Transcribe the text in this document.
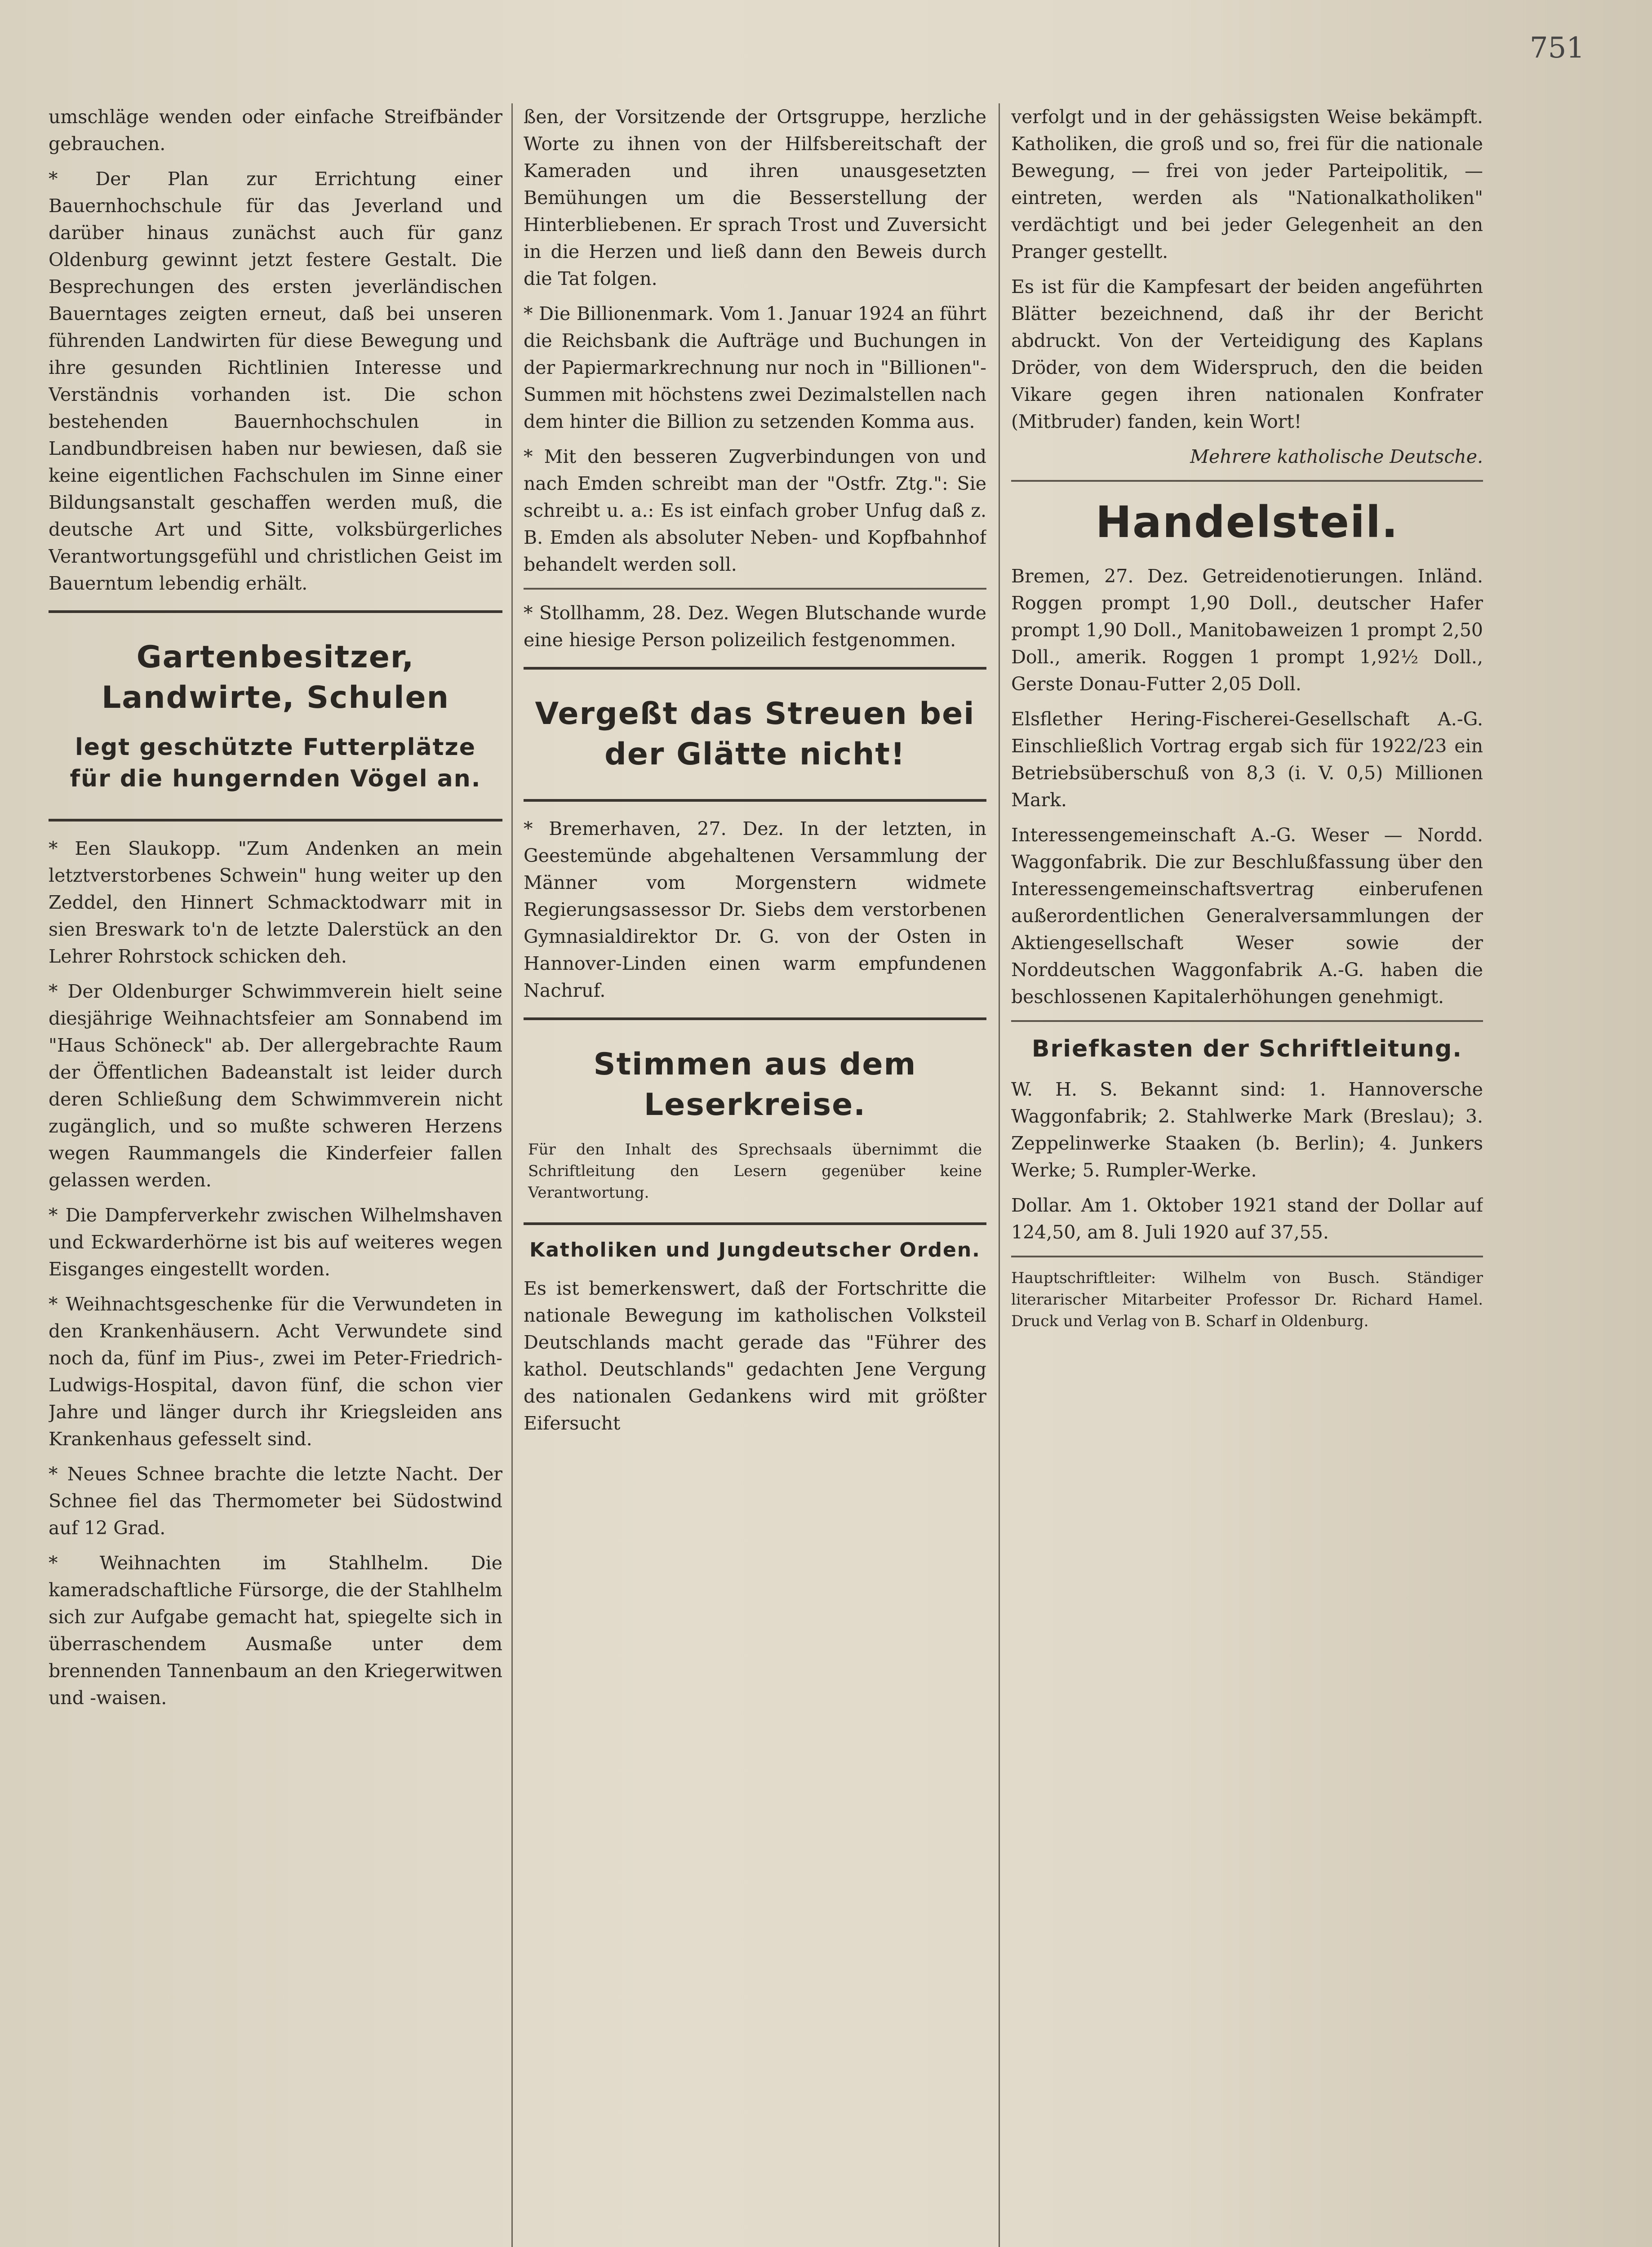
751

umschläge wenden oder einfache Streifbänder gebrauchen.

* Der Plan zur Errichtung einer Bauernhochschule für das Jeverland und darüber hinaus zunächst auch für ganz Oldenburg gewinnt jetzt festere Gestalt. Die Besprechungen des ersten jeverländischen Bauerntages zeigten erneut, daß bei unseren führenden Landwirten für diese Bewegung und ihre gesunden Richtlinien Interesse und Verständnis vorhanden ist. Die schon bestehenden Bauernhochschulen in Landbundbreisen haben nur bewiesen, daß sie keine eigentlichen Fachschulen im Sinne einer Bildungsanstalt geschaffen werden muß, die deutsche Art und Sitte, volksbürgerliches Verantwortungsgefühl und christlichen Geist im Bauerntum lebendig erhält.

Gartenbesitzer, Landwirte, Schulen
legt geschützte Futterplätze für die hungernden Vögel an.

* Een Slaukopp. "Zum Andenken an mein letztverstorbenes Schwein" hung weiter up den Zeddel, den Hinnert Schmacktodwarr mit in sien Breswark to'n de letzte Dalerstück an den Lehrer Rohrstock schicken deh.

* Der Oldenburger Schwimmverein hielt seine diesjährige Weihnachtsfeier am Sonnabend im "Haus Schöneck" ab. Der allergebrachte Raum der Öffentlichen Badeanstalt ist leider durch deren Schließung dem Schwimmverein nicht zugänglich, und so mußte schweren Herzens wegen Raummangels die Kinderfeier fallen gelassen werden.

* Die Dampferverkehr zwischen Wilhelmshaven und Eckwarderhörne ist bis auf weiteres wegen Eisganges eingestellt worden.

* Weihnachtsgeschenke für die Verwundeten in den Krankenhäusern. Acht Verwundete sind noch da, fünf im Pius-, zwei im Peter-Friedrich-Ludwigs-Hospital, davon fünf, die schon vier Jahre und länger durch ihr Kriegsleiden ans Krankenhaus gefesselt sind.

* Neues Schnee brachte die letzte Nacht. Der Schnee fiel das Thermometer bei Südostwind auf 12 Grad.

* Weihnachten im Stahlhelm. Die kameradschaftliche Fürsorge, die der Stahlhelm sich zur Aufgabe gemacht hat, spiegelte sich in überraschendem Ausmaße unter dem brennenden Tannenbaum an den Kriegerwitwen und -waisen.

ßen, der Vorsitzende der Ortsgruppe, herzliche Worte zu ihnen von der Hilfsbereitschaft der Kameraden und ihren unausgesetzten Bemühungen um die Besserstellung der Hinterbliebenen. Er sprach Trost und Zuversicht in die Herzen und ließ dann den Beweis durch die Tat folgen.

* Die Billionenmark. Vom 1. Januar 1924 an führt die Reichsbank die Aufträge und Buchungen in der Papiermarkrechnung nur noch in "Billionen"-Summen mit höchstens zwei Dezimalstellen nach dem hinter die Billion zu setzenden Komma aus.

* Mit den besseren Zugverbindungen von und nach Emden schreibt man der "Ostfr. Ztg.": Sie schreibt u. a.: Es ist einfach grober Unfug daß z. B. Emden als absoluter Neben- und Kopfbahnhof behandelt werden soll.

* Stollhamm, 28. Dez. Wegen Blutschande wurde eine hiesige Person polizeilich festgenommen.

Vergeßt das Streuen bei der Glätte nicht!

* Bremerhaven, 27. Dez. In der letzten, in Geestemünde abgehaltenen Versammlung der Männer vom Morgenstern widmete Regierungsassessor Dr. Siebs dem verstorbenen Gymnasialdirektor Dr. G. von der Osten in Hannover-Linden einen warm empfundenen Nachruf.

Stimmen aus dem Leserkreise.

Für den Inhalt des Sprechsaals übernimmt die Schriftleitung den Lesern gegenüber keine Verantwortung.

Katholiken und Jungdeutscher Orden.

Es ist bemerkenswert, daß der Fortschritte die nationale Bewegung im katholischen Volksteil Deutschlands macht gerade das "Führer des kathol. Deutschlands" gedachten Jene Vergung des nationalen Gedankens wird mit größter Eifersucht

verfolgt und in der gehässigsten Weise bekämpft. Katholiken, die groß und so, frei für die nationale Bewegung, — frei von jeder Parteipolitik, — eintreten, werden als "Nationalkatholiken" verdächtigt und bei jeder Gelegenheit an den Pranger gestellt.

Es ist für die Kampfesart der beiden angeführten Blätter bezeichnend, daß ihr der Bericht abdruckt. Von der Verteidigung des Kaplans Dröder, von dem Widerspruch, den die beiden Vikare gegen ihren nationalen Konfrater (Mitbruder) fanden, kein Wort!

Mehrere katholische Deutsche.

Handelsteil.

Bremen, 27. Dez. Getreidenotierungen. Inländ. Roggen prompt 1,90 Doll., deutscher Hafer prompt 1,90 Doll., Manitobaweizen 1 prompt 2,50 Doll., amerik. Roggen 1 prompt 1,92½ Doll., Gerste Donau-Futter 2,05 Doll.

Elsflether Hering-Fischerei-Gesellschaft A.-G. Einschließlich Vortrag ergab sich für 1922/23 ein Betriebsüberschuß von 8,3 (i. V. 0,5) Millionen Mark.

Interessengemeinschaft A.-G. Weser — Nordd. Waggonfabrik. Die zur Beschlußfassung über den Interessengemeinschaftsvertrag einberufenen außerordentlichen Generalversammlungen der Aktiengesellschaft Weser sowie der Norddeutschen Waggonfabrik A.-G. haben die beschlossenen Kapitalerhöhungen genehmigt.

Briefkasten der Schriftleitung.

W. H. S. Bekannt sind: 1. Hannoversche Waggonfabrik; 2. Stahlwerke Mark (Breslau); 3. Zeppelinwerke Staaken (b. Berlin); 4. Junkers Werke; 5. Rumpler-Werke.

Dollar. Am 1. Oktober 1921 stand der Dollar auf 124,50, am 8. Juli 1920 auf 37,55.

Hauptschriftleiter: Wilhelm von Busch. Ständiger literarischer Mitarbeiter Professor Dr. Richard Hamel. Druck und Verlag von B. Scharf in Oldenburg.
